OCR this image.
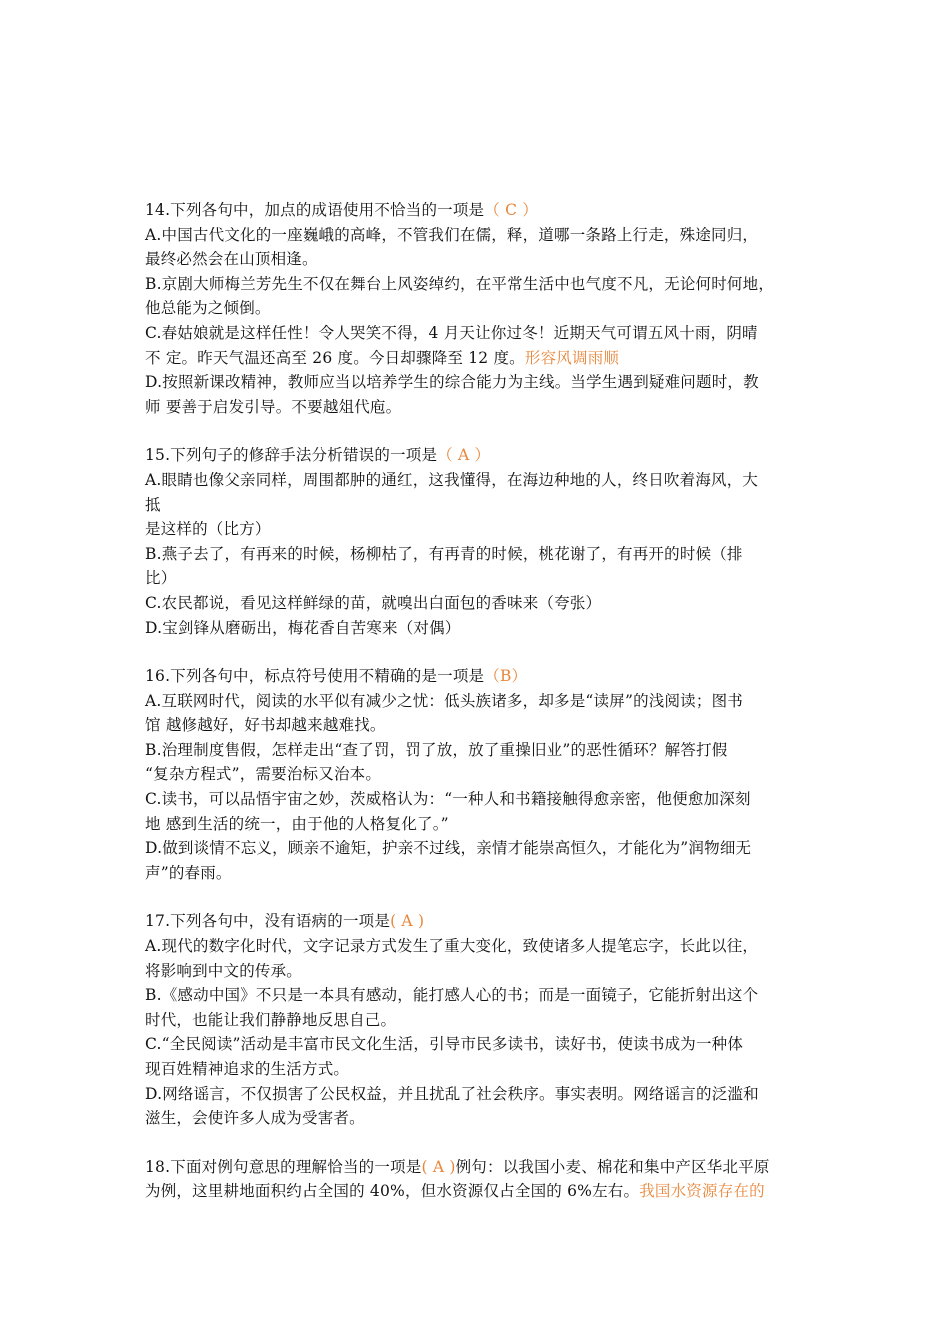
14.下列各句中，加点的成语使用不恰当的一项是（ C ）
A.中国古代文化的一座巍峨的高峰，不管我们在儒，释，道哪一条路上行走，殊途同归，
最终必然会在山顶相逢。
B.京剧大师梅兰芳先生不仅在舞台上风姿绰约，在平常生活中也气度不凡，无论何时何地，
他总能为之倾倒。
C.春姑娘就是这样任性！令人哭笑不得，4 月天让你过冬！近期天气可谓五风十雨，阴晴
不 定。昨天气温还高至 26 度。今日却骤降至 12 度。形容风调雨顺
D.按照新课改精神，教师应当以培养学生的综合能力为主线。当学生遇到疑难问题时，教
师 要善于启发引导。不要越俎代庖。
15.下列句子的修辞手法分析错误的一项是（ A ）
A.眼睛也像父亲同样，周围都肿的通红，这我懂得，在海边种地的人，终日吹着海风，大
抵
是这样的（比方）
B.燕子去了，有再来的时候，杨柳枯了，有再青的时候，桃花谢了，有再开的时候（排
比）
C.农民都说，看见这样鲜绿的苗，就嗅出白面包的香味来（夸张）
D.宝剑锋从磨砺出，梅花香自苦寒来（对偶）
16.下列各句中，标点符号使用不精确的是一项是（B）
A.互联网时代，阅读的水平似有减少之忧：低头族诸多，却多是“读屏”的浅阅读；图书
馆 越修越好，好书却越来越难找。
B.治理制度售假，怎样走出“查了罚，罚了放，放了重操旧业”的恶性循环？解答打假
“复杂方程式”，需要治标又治本。
C.读书，可以品悟宇宙之妙，茨威格认为：“一种人和书籍接触得愈亲密，他便愈加深刻
地 感到生活的统一，由于他的人格复化了。”
D.做到谈情不忘义，顾亲不逾矩，护亲不过线，亲情才能崇高恒久，才能化为”润物细无
声”的春雨。
17.下列各句中，没有语病的一项是( A )
A.现代的数字化时代，文字记录方式发生了重大变化，致使诸多人提笔忘字，长此以往，
将影响到中文的传承。
B.《感动中国》不只是一本具有感动，能打感人心的书；而是一面镜子，它能折射出这个
时代，也能让我们静静地反思自己。
C.“全民阅读”活动是丰富市民文化生活，引导市民多读书，读好书，使读书成为一种体
现百姓精神追求的生活方式。
D.网络谣言，不仅损害了公民权益，并且扰乱了社会秩序。事实表明。网络谣言的泛滥和
滋生，会使许多人成为受害者。
18.下面对例句意思的理解恰当的一项是( A )例句：以我国小麦、棉花和集中产区华北平原
为例，这里耕地面积约占全国的 40%，但水资源仅占全国的 6%左右。我国水资源存在的
